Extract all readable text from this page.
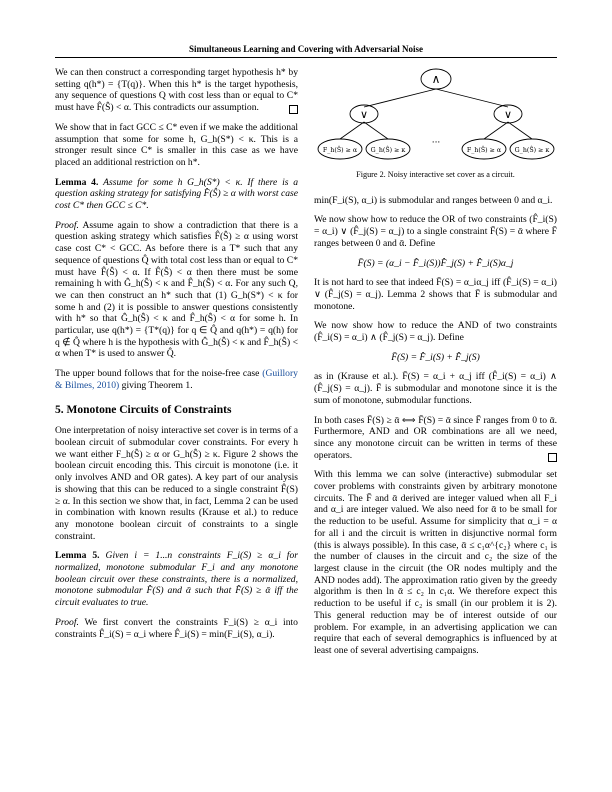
Simultaneous Learning and Covering with Adversarial Noise

We can then construct a corresponding target hypothesis h* by setting q(h*) = {T(q)}. When this h* is the target hypothesis, any sequence of questions Q with cost less than or equal to C* must have F̂(Ŝ) < α. This contradicts our assumption.

We show that in fact GCC ≤ C* even if we make the additional assumption that some for some h, G_h(S*) < κ. This is a stronger result since C* is smaller in this case as we have placed an additional restriction on h*.

Lemma 4. Assume for some h G_h(S*) < κ. If there is a question asking strategy for satisfying F̂(Ŝ) ≥ α with worst case cost C* then GCC ≤ C*.

Proof. Assume again to show a contradiction that there is a question asking strategy which satisfies F̂(Ŝ) ≥ α using worst case cost C* < GCC. As before there is a T* such that any sequence of questions Q̂ with total cost less than or equal to C* must have F̂(Ŝ) < α. If F̂(Ŝ) < α then there must be some remaining h with Ĝ_h(Ŝ) < κ and F̂_h(Ŝ) < α. For any such Q, we can then construct an h* such that (1) G_h(S*) < κ for some h and (2) it is possible to answer questions consistently with h* so that Ĝ_h(Ŝ) < κ and F̂_h(Ŝ) < α for some h. In particular, use q(h*) = {T*(q)} for q ∈ Q̂ and q(h*) = q(h) for q ∉ Q̂ where h is the hypothesis with Ĝ_h(Ŝ) < κ and F̂_h(Ŝ) < α when T* is used to answer Q̂.

The upper bound follows that for the noise-free case (Guillory & Bilmes, 2010) giving Theorem 1.

5. Monotone Circuits of Constraints

One interpretation of noisy interactive set cover is in terms of a boolean circuit of submodular cover constraints. For every h we want either F_h(Ŝ) ≥ α or G_h(Ŝ) ≥ κ. Figure 2 shows the boolean circuit encoding this. This circuit is monotone (i.e. it only involves AND and OR gates). A key part of our analysis is showing that this can be reduced to a single constraint F̂(S) ≥ α. In this section we show that, in fact, Lemma 2 can be used in combination with known results (Krause et al.) to reduce any monotone boolean circuit of constraints to a single constraint.

Lemma 5. Given i = 1...n constraints F_i(S) ≥ α_i for normalized, monotone submodular F_i and any monotone boolean circuit over these constraints, there is a normalized, monotone submodular F̂(S) and ᾱ such that F̂(S) ≥ ᾱ iff the circuit evaluates to true.

Proof. We first convert the constraints F_i(S) ≥ α_i into constraints F̂_i(S) = α_i where F̂_i(S) = min(F_i(S), α_i).

∧
∨	∨
F_h(Ŝ) ≥ α G_h(Ŝ) ≥ κ	F_h(Ŝ) ≥ α G_h(Ŝ) ≥ κ
···
Figure 2. Noisy interactive set cover as a circuit.

min(F_i(S), α_i) is submodular and ranges between 0 and α_i.

We now show how to reduce the OR of two constraints (F̂_i(S) = α_i) ∨ (F̂_j(S) = α_j) to a single constraint F̄(S) = ᾱ where F̄ ranges between 0 and ᾱ. Define

F̄(S) = (α_i − F̂_i(S))F̂_j(S) + F̂_i(S)α_j

It is not hard to see that indeed F̄(S) = α_iα_j iff (F̂_i(S) = α_i) ∨ (F̂_j(S) = α_j). Lemma 2 shows that F̄ is submodular and monotone.

We now show how to reduce the AND of two constraints (F̂_i(S) = α_i) ∧ (F̂_j(S) = α_j). Define

F̄(S) = F̂_i(S) + F̂_j(S)

as in (Krause et al.). F̄(S) = α_i + α_j iff (F̂_i(S) = α_i) ∧ (F̂_j(S) = α_j). F̄ is submodular and monotone since it is the sum of monotone, submodular functions.

In both cases F̄(S) ≥ ᾱ ⟺ F̄(S) = ᾱ since F̄ ranges from 0 to ᾱ. Furthermore, AND and OR combinations are all we need, since any monotone circuit can be written in terms of these operators.

With this lemma we can solve (interactive) submodular set cover problems with constraints given by arbitrary monotone circuits. The F̄ and ᾱ derived are integer valued when all F_i and α_i are integer valued. We also need for ᾱ to be small for the reduction to be useful. Assume for simplicity that α_i = α for all i and the circuit is written in disjunctive normal form (this is always possible). In this case, ᾱ ≤ c₁α^{c₂} where c₁ is the number of clauses in the circuit and c₂ the size of the largest clause in the circuit (the OR nodes multiply and the AND nodes add). The approximation ratio given by the greedy algorithm is then ln ᾱ ≤ c₂ ln c₁α. We therefore expect this reduction to be useful if c₂ is small (in our problem it is 2). This general reduction may be of interest outside of our problem. For example, in an advertising application we can require that each of several demographics is influenced by at least one of several advertising campaigns.
